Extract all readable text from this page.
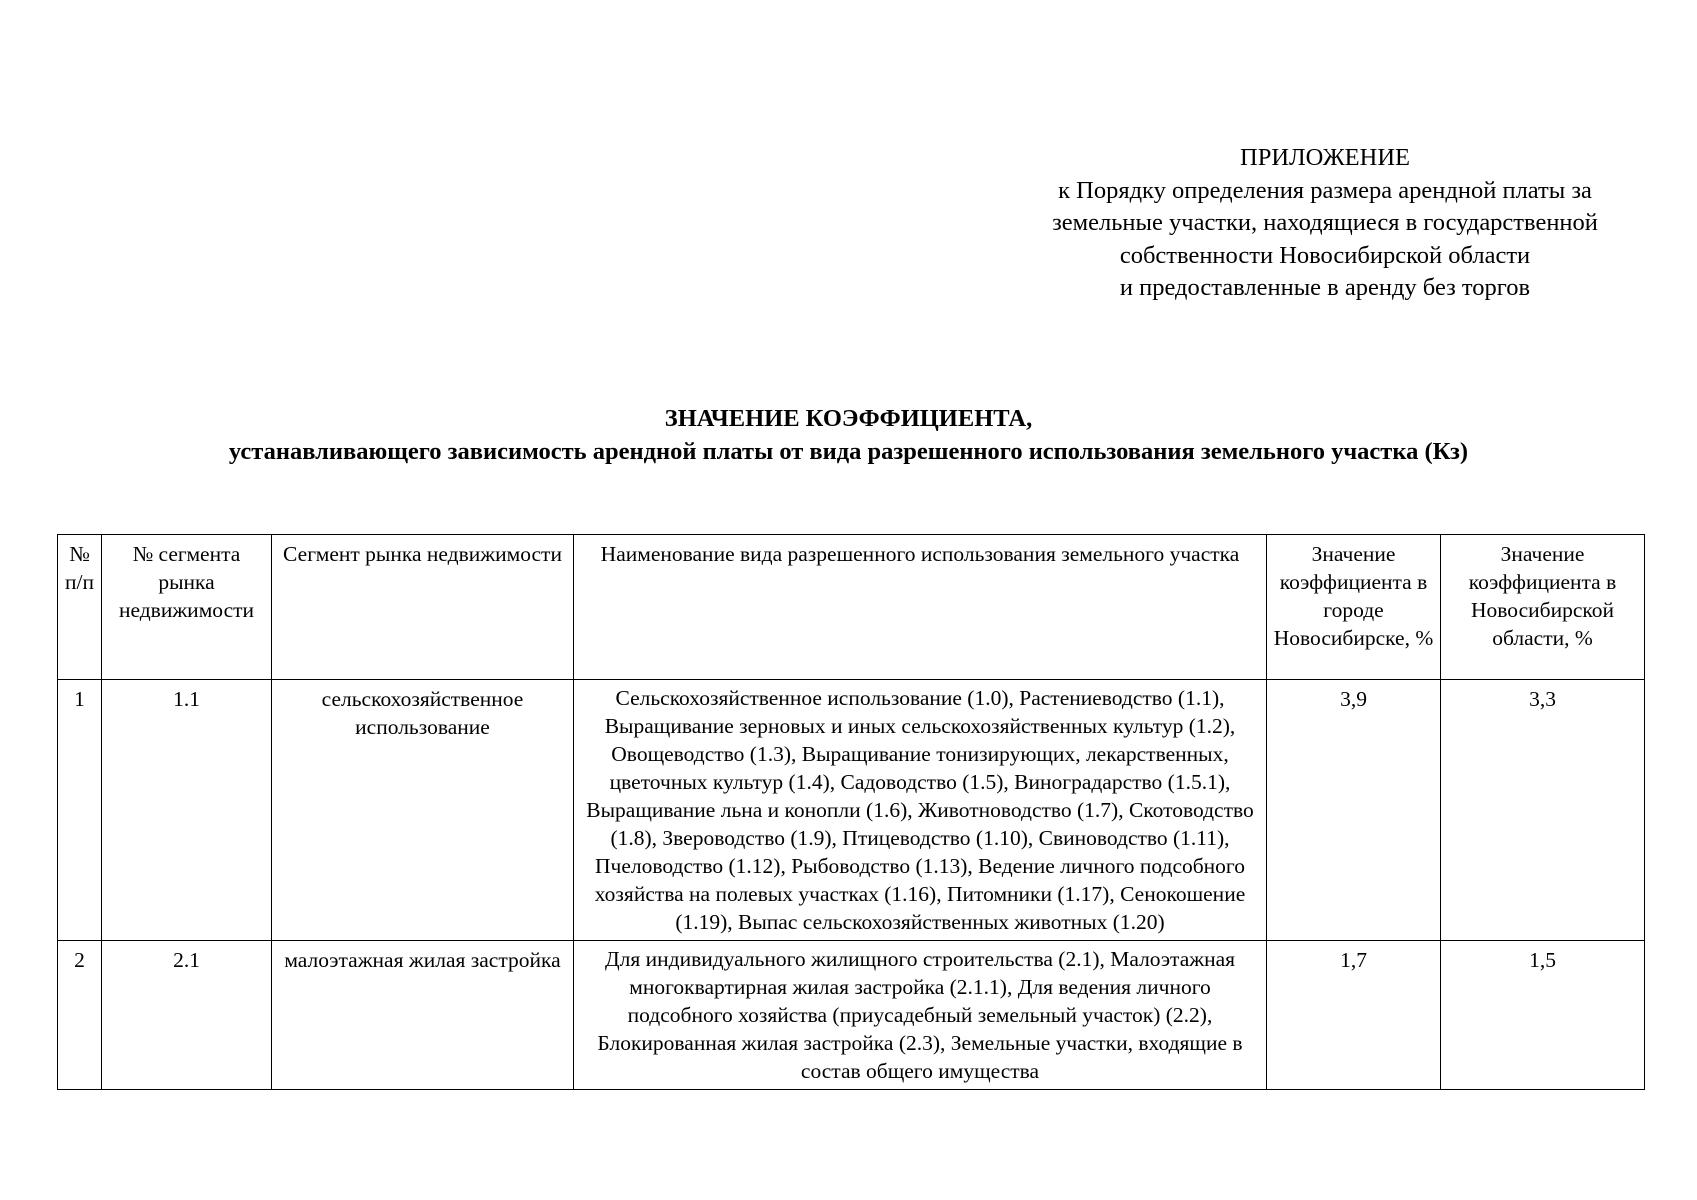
ПРИЛОЖЕНИЕ
к Порядку определения размера арендной платы за
земельные участки, находящиеся в государственной
собственности Новосибирской области
и предоставленные в аренду без торгов
ЗНАЧЕНИЕ КОЭФФИЦИЕНТА,
устанавливающего зависимость арендной платы от вида разрешенного использования земельного участка (Кз)
№ п/п	№ сегмента рынка недвижимости	Сегмент рынка недвижимости	Наименование вида разрешенного использования земельного участка	Значение коэффициента в городе Новосибирске, %	Значение коэффициента в Новосибирской области, %
1	1.1	сельскохозяйственное использование	Сельскохозяйственное использование (1.0), Растениеводство (1.1), Выращивание зерновых и иных сельскохозяйственных культур (1.2), Овощеводство (1.3), Выращивание тонизирующих, лекарственных, цветочных культур (1.4), Садоводство (1.5), Виноградарство (1.5.1), Выращивание льна и конопли (1.6), Животноводство (1.7), Скотоводство (1.8), Звероводство (1.9), Птицеводство (1.10), Свиноводство (1.11), Пчеловодство (1.12), Рыбоводство (1.13), Ведение личного подсобного хозяйства на полевых участках (1.16), Питомники (1.17), Сенокошение (1.19), Выпас сельскохозяйственных животных (1.20)	3,9	3,3
2	2.1	малоэтажная жилая застройка	Для индивидуального жилищного строительства (2.1), Малоэтажная многоквартирная жилая застройка (2.1.1), Для ведения личного подсобного хозяйства (приусадебный земельный участок) (2.2), Блокированная жилая застройка (2.3), Земельные участки, входящие в состав общего имущества	1,7	1,5
